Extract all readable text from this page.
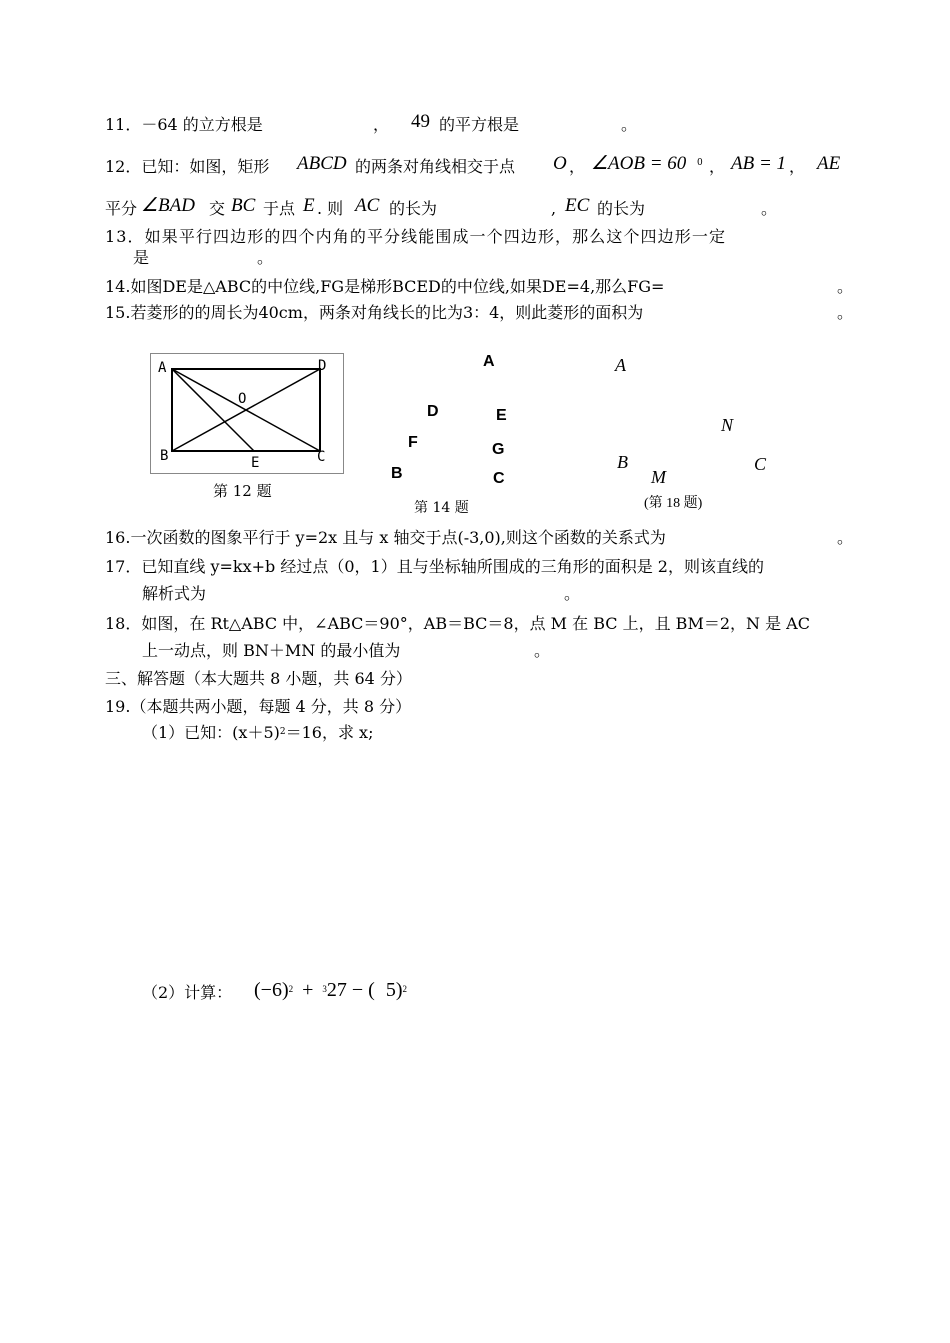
11．－64 的立方根是	， 49 的平方根是	。
12．已知：如图，矩形 ABCD 的两条对角线相交于点 O ， ∠AOB = 60 0 ， AB = 1 ， AE
平分 ∠BAD 交 BC 于点 E . 则 AC 的长为	, EC 的长为	。
13．如果平行四边形的四个内角的平分线能围成一个四边形，那么这个四边形一定
是	。
14.如图DE是△ABC的中位线,FG是梯形BCED的中位线,如果DE=4,那么FG=	。
15.若菱形的的周长为40cm，两条对角线长的比为3：4，则此菱形的面积为	。
A	D
O
B	E	C
第 12 题
A
D	E
F	G
B	C
第 14 题
A
N
B
M
C
(第 18 题)
16.一次函数的图象平行于 y=2x 且与 x 轴交于点(-3,0),则这个函数的关系式为	。
17．已知直线 y=kx+b 经过点（0，1）且与坐标轴所围成的三角形的面积是 2，则该直线的
解析式为	。
18．如图，在 Rt△ABC 中，∠ABC＝90°，AB＝BC＝8，点 M 在 BC 上，且 BM＝2，N 是 AC
上一动点，则 BN＋MN 的最小值为	。
三、解答题（本大题共 8 小题，共 64 分）
19.（本题共两小题，每题 4 分，共 8 分）
（1）已知：$(x+5)^2=16$，求 x;
（2）计算： $(-6)^2 + ^327$ − ( 5)$^2$
